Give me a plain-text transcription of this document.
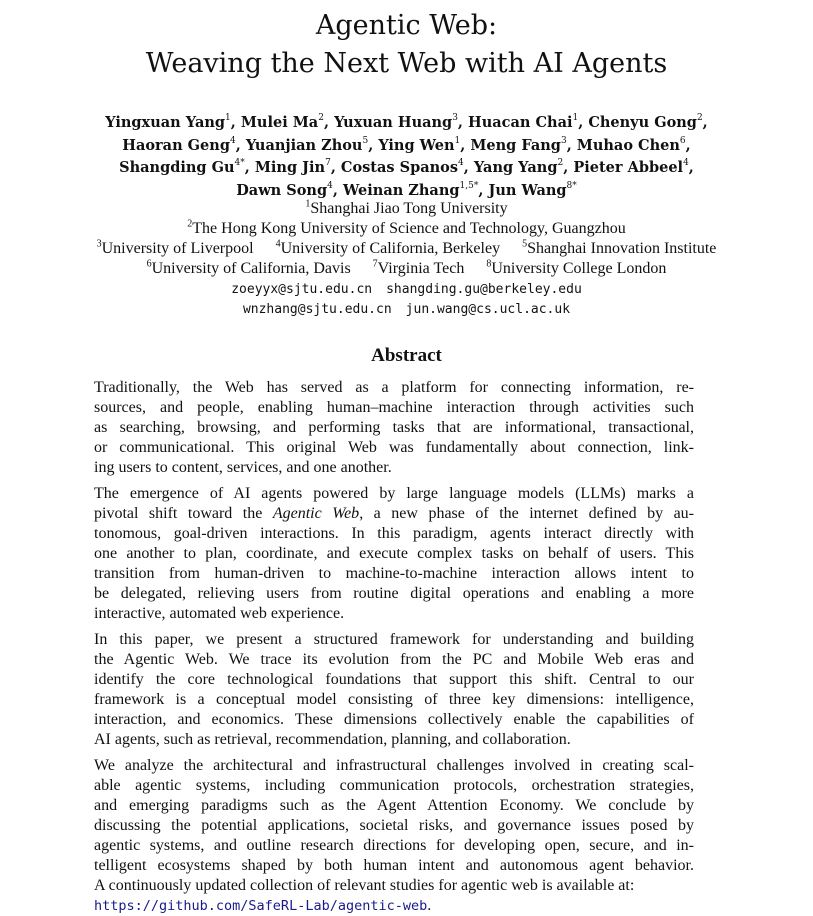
Agentic Web:
Weaving the Next Web with AI Agents
Yingxuan Yang$^1$, Mulei Ma$^2$, Yuxuan Huang$^3$, Huacan Chai$^1$, Chenyu Gong$^2$,
Haoran Geng$^4$, Yuanjian Zhou$^5$, Ying Wen$^1$, Meng Fang$^3$, Muhao Chen$^6$,
Shangding $Gu^{4*}$, Ming Jin$^7$, Costas Spanos$^4$, Yang Yang$^2$, Pieter Abbeel$^4$,
Dawn Song$^4$, Weinan Zhang$^{1,5*}$, Jun Wang$^{8*}$
$^1$Shanghai Jiao Tong University
$^2$The Hong Kong University of Science and Technology, Guangzhou
$^3$University of Liverpool $^4$University of California, Berkeley $^5$Shanghai Innovation Institute
$^6$University of California, Davis $^7$Virginia Tech $^8$University College London
zoeyyx@sjtu.edu.cn shangding.gu@berkeley.edu
wnzhang@sjtu.edu.cn jun.wang@cs.ucl.ac.uk
Abstract
Traditionally, the Web has served as a platform for connecting information, re-
sources, and people, enabling human–machine interaction through activities such
as searching, browsing, and performing tasks that are informational, transactional,
or communicational. This original Web was fundamentally about connection, link-
ing users to content, services, and one another.
The emergence of AI agents powered by large language models (LLMs) marks a
pivotal shift toward the Agentic Web, a new phase of the internet defined by au-
tonomous, goal-driven interactions. In this paradigm, agents interact directly with
one another to plan, coordinate, and execute complex tasks on behalf of users. This
transition from human-driven to machine-to-machine interaction allows intent to
be delegated, relieving users from routine digital operations and enabling a more
interactive, automated web experience.
In this paper, we present a structured framework for understanding and building
the Agentic Web. We trace its evolution from the PC and Mobile Web eras and
identify the core technological foundations that support this shift. Central to our
framework is a conceptual model consisting of three key dimensions: intelligence,
interaction, and economics. These dimensions collectively enable the capabilities of
AI agents, such as retrieval, recommendation, planning, and collaboration.
We analyze the architectural and infrastructural challenges involved in creating scal-
able agentic systems, including communication protocols, orchestration strategies,
and emerging paradigms such as the Agent Attention Economy. We conclude by
discussing the potential applications, societal risks, and governance issues posed by
agentic systems, and outline research directions for developing open, secure, and in-
telligent ecosystems shaped by both human intent and autonomous agent behavior.
A continuously updated collection of relevant studies for agentic web is available at:
https://github.com/SafeRL-Lab/agentic-web.
